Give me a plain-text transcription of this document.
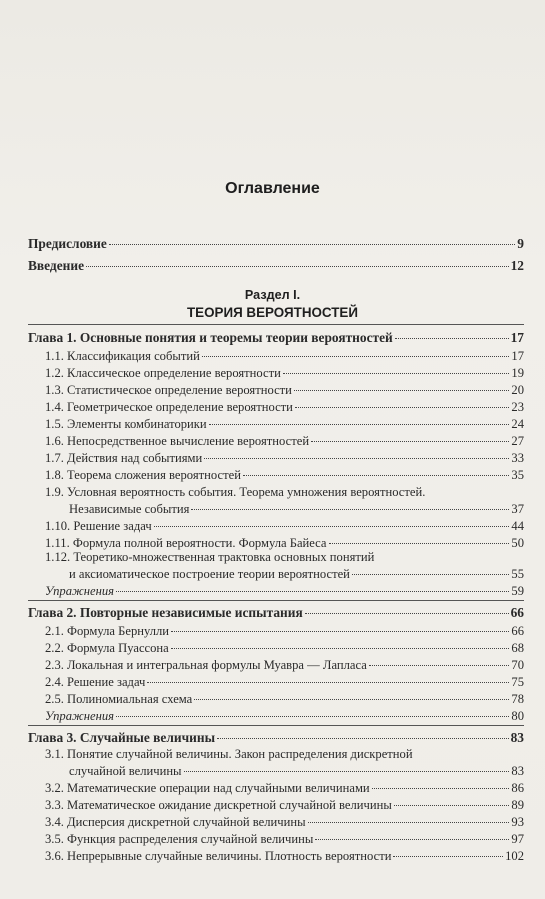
Оглавление
Предисловие	9
Введение	12
Раздел I.
ТЕОРИЯ ВЕРОЯТНОСТЕЙ
Глава 1. Основные понятия и теоремы теории вероятностей	17
1.1. Классификация событий	17
1.2. Классическое определение вероятности	19
1.3. Статистическое определение вероятности	20
1.4. Геометрическое определение вероятности	23
1.5. Элементы комбинаторики	24
1.6. Непосредственное вычисление вероятностей	27
1.7. Действия над событиями	33
1.8. Теорема сложения вероятностей	35
1.9. Условная вероятность события. Теорема умножения вероятностей.
Независимые события	37
1.10. Решение задач	44
1.11. Формула полной вероятности. Формула Байеса	50
1.12. Теоретико-множественная трактовка основных понятий
и аксиоматическое построение теории вероятностей	55
Упражнения	59
Глава 2. Повторные независимые испытания	66
2.1. Формула Бернулли	66
2.2. Формула Пуассона	68
2.3. Локальная и интегральная формулы Муавра — Лапласа	70
2.4. Решение задач	75
2.5. Полиномиальная схема	78
Упражнения	80
Глава 3. Случайные величины	83
3.1. Понятие случайной величины. Закон распределения дискретной
случайной величины	83
3.2. Математические операции над случайными величинами	86
3.3. Математическое ожидание дискретной случайной величины	89
3.4. Дисперсия дискретной случайной величины	93
3.5. Функция распределения случайной величины	97
3.6. Непрерывные случайные величины. Плотность вероятности	102
